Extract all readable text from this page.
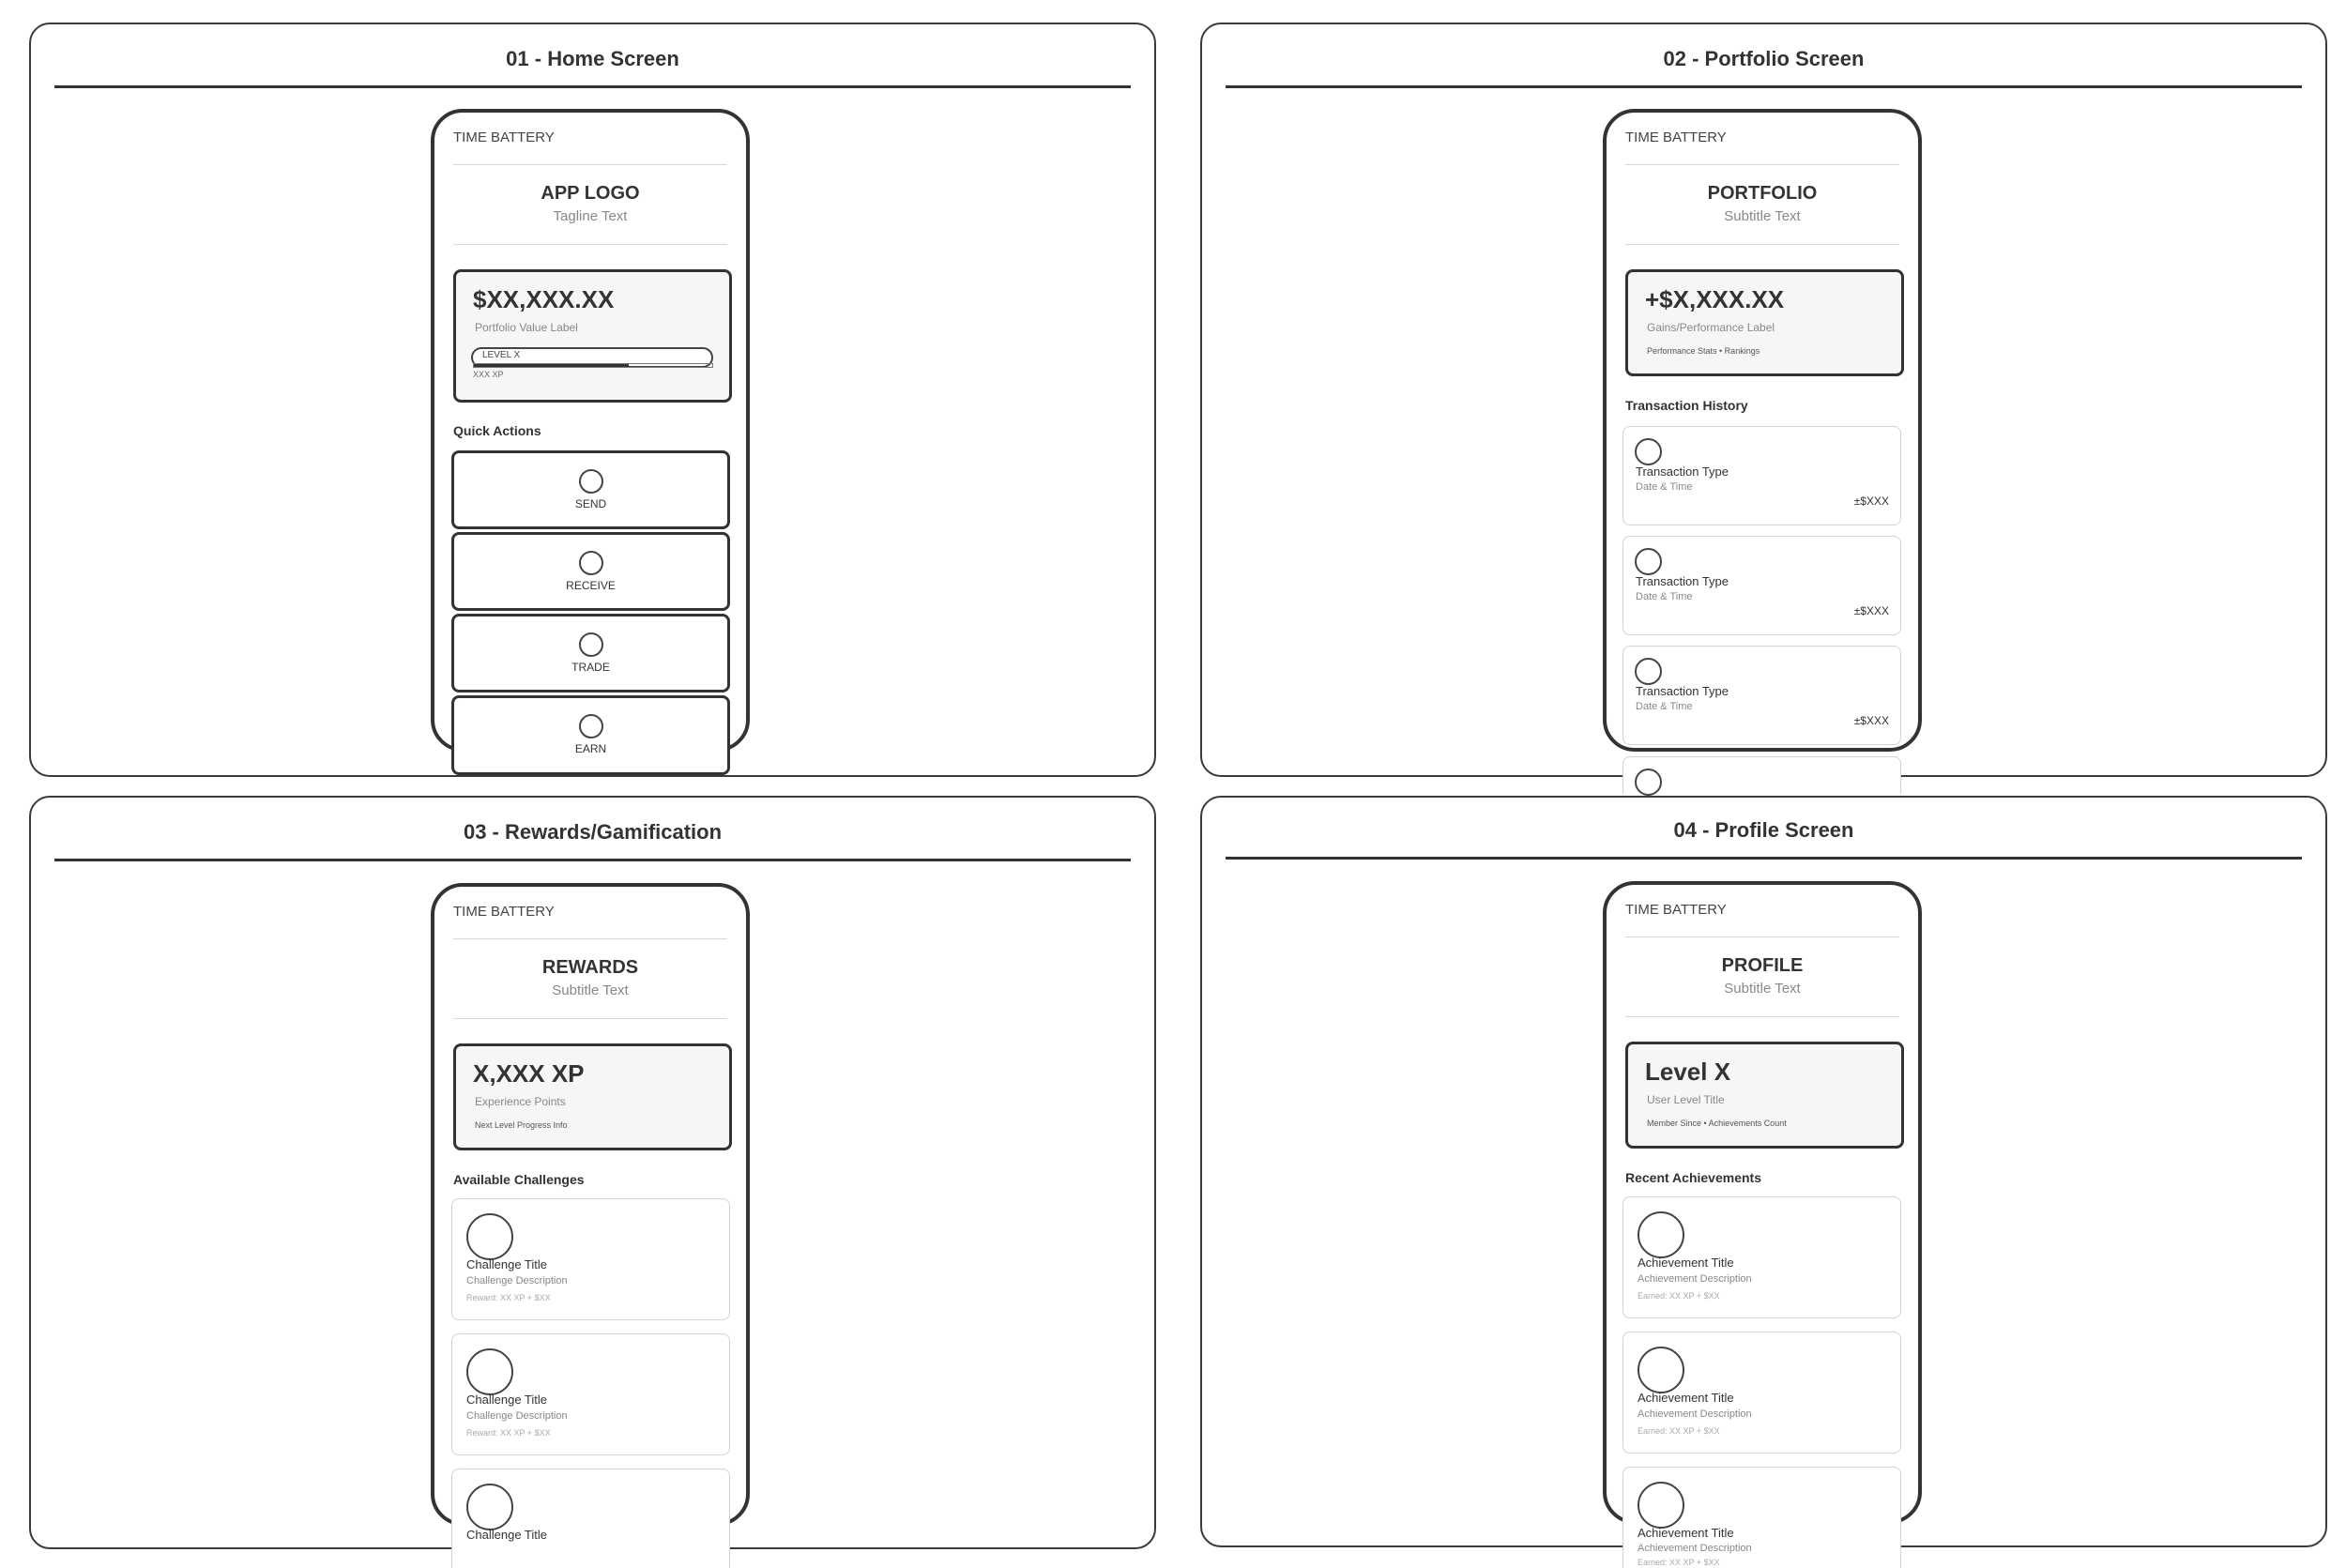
01 - Home Screen
TIME BATTERY
APP LOGO
Tagline Text
$XX,XXX.XX
Portfolio Value Label
LEVEL X
XXX XP
Quick Actions
SEND
RECEIVE
TRADE
EARN
02 - Portfolio Screen
TIME BATTERY
PORTFOLIO
Subtitle Text
+$X,XXX.XX
Gains/Performance Label
Performance Stats • Rankings
Transaction History
Transaction Type
Date & Time
±$XXX
Transaction Type
Date & Time
±$XXX
Transaction Type
Date & Time
±$XXX
03 - Rewards/Gamification
TIME BATTERY
REWARDS
Subtitle Text
X,XXX XP
Experience Points
Next Level Progress Info
Available Challenges
Challenge Title
Challenge Description
Reward: XX XP + $XX
Challenge Title
Challenge Description
Reward: XX XP + $XX
Challenge Title
04 - Profile Screen
TIME BATTERY
PROFILE
Subtitle Text
Level X
User Level Title
Member Since • Achievements Count
Recent Achievements
Achievement Title
Achievement Description
Earned: XX XP + $XX
Achievement Title
Achievement Description
Earned: XX XP + $XX
Achievement Title
Achievement Description
Earned: XX XP + $XX
